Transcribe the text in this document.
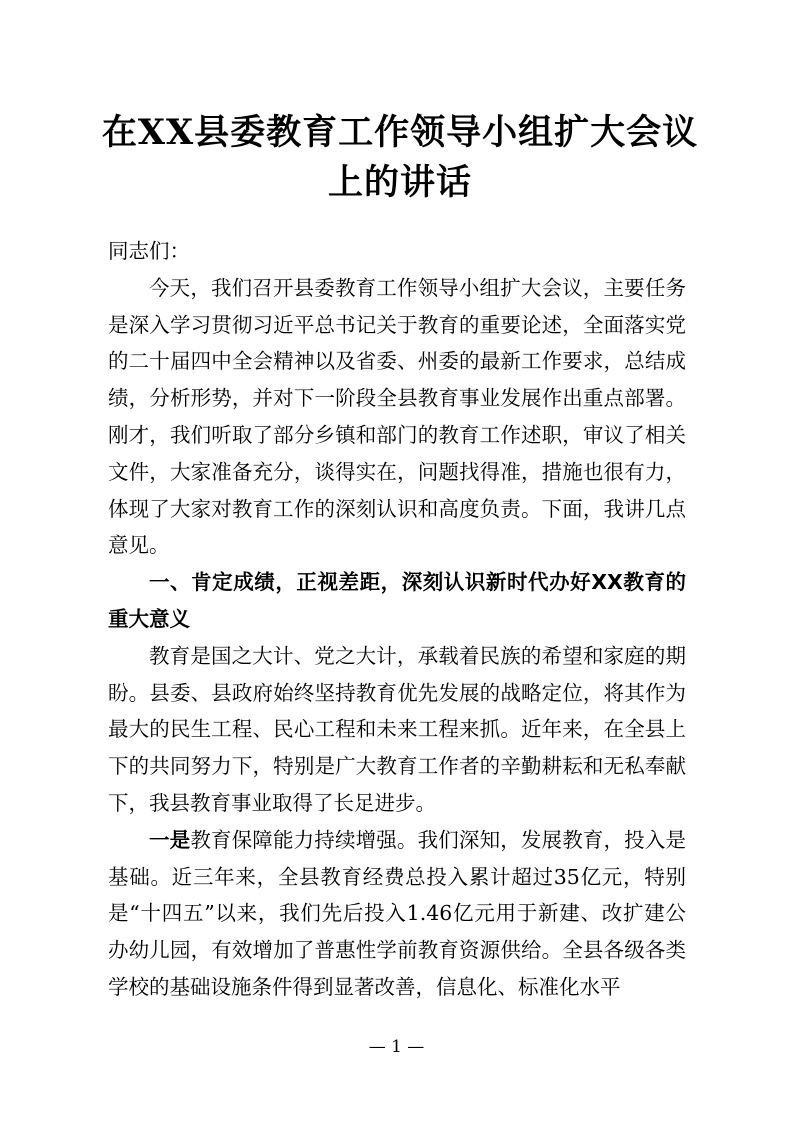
在XX县委教育工作领导小组扩大会议上的讲话

同志们：

今天，我们召开县委教育工作领导小组扩大会议，主要任务是深入学习贯彻习近平总书记关于教育的重要论述，全面落实党的二十届四中全会精神以及省委、州委的最新工作要求，总结成绩，分析形势，并对下一阶段全县教育事业发展作出重点部署。刚才，我们听取了部分乡镇和部门的教育工作述职，审议了相关文件，大家准备充分，谈得实在，问题找得准，措施也很有力，体现了大家对教育工作的深刻认识和高度负责。下面，我讲几点意见。

一、肯定成绩，正视差距，深刻认识新时代办好XX教育的重大意义

教育是国之大计、党之大计，承载着民族的希望和家庭的期盼。县委、县政府始终坚持教育优先发展的战略定位，将其作为最大的民生工程、民心工程和未来工程来抓。近年来，在全县上下的共同努力下，特别是广大教育工作者的辛勤耕耘和无私奉献下，我县教育事业取得了长足进步。

一是教育保障能力持续增强。我们深知，发展教育，投入是基础。近三年来，全县教育经费总投入累计超过35亿元，特别是“十四五”以来，我们先后投入1.46亿元用于新建、改扩建公办幼儿园，有效增加了普惠性学前教育资源供给。全县各级各类学校的基础设施条件得到显著改善，信息化、标准化水平

— 1 —
